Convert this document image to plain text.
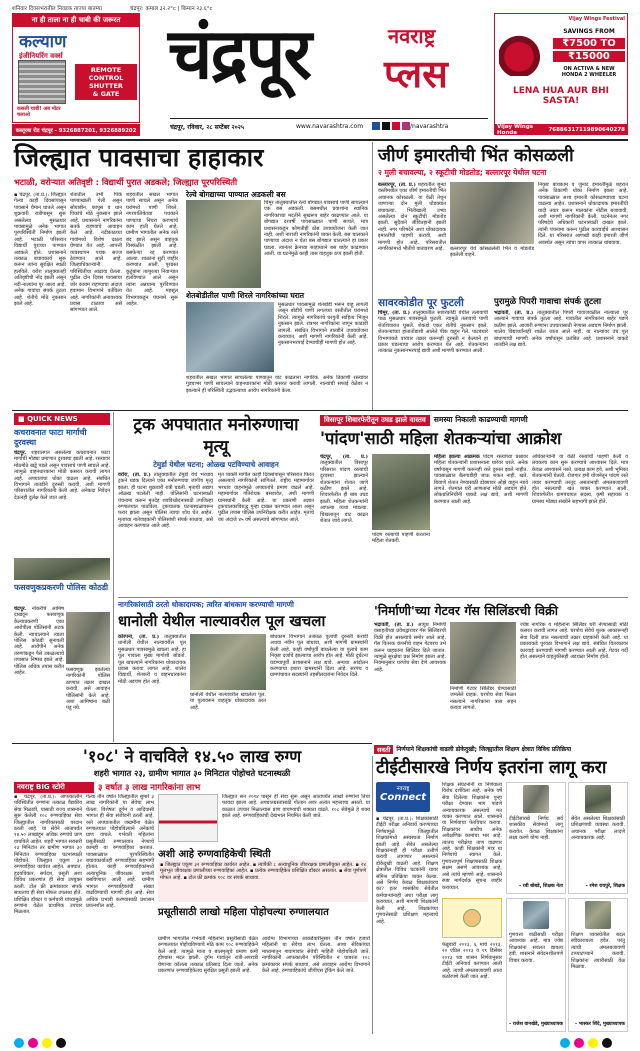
शनिवार दिवसभरातील निवडक ताज्या बातम्या	चंद्रपूर: कमाल ३२.२°c | किमान २३.६°c
ना ही ताला ना ही चाबी की जरूरत
कल्याण
इंजीनियरिंग वर्क्स
कसली चाबी! अब मोटर चलाओ
REMOTE
CONTROL
SHUTTER
& GATE
कस्तूरबा रोड चंद्रपूर - 9326887201, 9326889202
चंद्रपूर	नवराष्ट्र
प्लस
चंद्रपूर, रविवार, २८ सप्टेंबर २०२५	www.navarashtra.com	/navarashtra
SAVINGS FROM
₹7500 TO
₹15000
ON ACTIVA & NEW HONDA 2 WHEELER
LENA HUA AUR BHI SASTA!
Vijay Wings Festival
Vijay Wings Honda	7688631711 9890640278
जिल्ह्यात पावसाचा हाहाकार
भटाळी, वरोऱ्यात अतिवृष्टी : विद्यार्थी पुरात अडकले; जिल्ह्यात पूरपरिस्थिती
▪ चंद्रपूर, (ता.प्र.): जिल्ह्यात गेल्या काही दिवसांपासून पावसाने थैमान घातले असून शुक्रवारी रात्रीपासून सुरू असलेल्या मुसळधार पावसामुळे अनेक भागात पूरपरिस्थिती निर्माण झाली आहे. भटाळी परिसरात विद्यार्थी पुराच्या पाण्यात अडकले होते. प्रशासनाने तत्काळ बचावकार्य सुरू करून त्यांना सुरक्षित स्थळी हलविले. वरोरा तालुक्यातही अतिवृष्टीची नोंद झाली असून नदी-नाल्यांना पूर आला आहे. अनेक गावांचा संपर्क तुटला आहे. शेतीचे मोठे नुकसान झाले आहे.
शेतातील उभी पिके पाण्याखाली गेली असून सोयाबीन, कापूस व धान पिकांचे मोठे नुकसान झाले आहे. प्रशासनाने नागरिकांना सतर्क राहण्याचे आवाहन केले आहे. नदीकाठच्या गावांमध्ये विशेष दक्षता घेण्यात येत आहे. आपत्ती व्यवस्थापन पथक सज्ज ठेवण्यात आले आहे. जिल्हाधिकाऱ्यांनी परिस्थितीचा आढावा घेतला. पुढील दोन दिवस पावसाचा जोर कायम राहण्याचा अंदाज हवामान विभागाने वर्तविला आहे. नागरिकांनी अनावश्यक प्रवास टाळावा असे सांगण्यात आले.
शहरातील सखल भागात पाणी साचले असून अनेक घरांमध्ये पाणी शिरले. नगरपालिकेच्या पथकाने पाण्याचा निचरा करण्याचे काम हाती घेतले आहे. ग्रामीण भागातील अनेक रस्ते बंद झाले असून वाहतूक विस्कळीत झाली आहे. बसफेऱ्या रद्द करण्यात आल्या. शाळांना सुटी जाहीर करण्यात आली. पूरग्रस्त कुटुंबांना तात्पुरत्या निवाऱ्यात हलविण्यात आले असून त्यांना अन्नधान्य पुरविण्यात येत आहे. महसूल विभागाकडून पंचनामे सुरू आहेत.
रेल्वे बोगद्याच्या पाण्यात अडकली बस
चिमूर तालुक्यातील रेल्वे बोगद्यात पावसाचे पाणी साचल्याने एक बस अडकली. बसमधील प्रवाशांना स्थानिक नागरिकांच्या मदतीने सुखरूप बाहेर काढण्यात आले. या बोगद्यात दरवर्षी पावसाळ्यात पाणी साचते, मात्र प्रशासनाकडून कोणतीही ठोस उपाययोजना केली जात नाही, अशी नाराजी नागरिकांनी व्यक्त केली. बस चालकाने पाण्याचा अंदाज न घेता बस बोगद्यात घातल्याने हा प्रकार घडला. त्यानंतर क्रेनच्या साहाय्याने बस बाहेर काढण्यात आली. या घटनेमुळे काही तास वाहतूक ठप्प झाली होती.
शेतबोडीतील पाणी शिरले नागरिकांच्या घरात
मुसळधार पावसामुळे शेतबोडी भरून वाहू लागली असून बोडीचे पाणी लगतच्या वस्तीतील घरांमध्ये शिरले. त्यामुळे नागरिकांचे घरगुती साहित्य भिजून नुकसान झाले. रात्रभर नागरिकांना जागून काढावी लागली. संबंधित विभागाने तातडीने उपाययोजना कराव्यात, अशी मागणी नागरिकांनी केली आहे. नुकसानभरपाई देण्याचीही मागणी होत आहे.
शहरातील सखल भागात साचलेल्या पाण्यातून वाट काढताना नागरिक. अनेक ठिकाणी रस्त्यांवर गुडघाभर पाणी साचल्याने वाहनधारकांना मोठी कसरत करावी लागली. नाल्यांची सफाई वेळेवर न झाल्याने ही परिस्थिती उद्भवल्याचा आरोप नागरिकांनी केला.
जीर्ण इमारतीची भिंत कोसळली
२ मुली बचावल्या, २ स्कूटीची मोडतोड; बल्लारपूर येथील घटना
बल्लारपूर, (ता. प्र.) शहरातील जुन्या वस्तीमधील एका जीर्ण इमारतीची भिंत अचानक कोसळली. या वेळी तेथून जाणाऱ्या दोन मुली थोडक्यात बचावल्या. भिंतीखाली उभ्या असलेल्या दोन स्कूटींची मोडतोड झाली. सुदैवाने जीवितहानी झाली नाही. नगर परिषदेने अशा धोकादायक इमारतींची पाहणी करावी, अशी मागणी होत आहे. परिसरातील नागरिकांमध्ये भीतीचे वातावरण आहे.	बल्लारपूर येथे कोसळलेली भिंत व मोडतोड झालेली वाहने.
निकृष्ट बांधकाम व जुनाट इमारतींमुळे शहरात अनेक ठिकाणी धोका निर्माण झाला आहे. पावसाळ्यात अशा इमारती कोसळण्याच्या घटना वाढल्या आहेत. प्रशासनाने धोकादायक इमारतींची यादी तयार करून मालकांना नोटीस बजावावी, अशी मागणी नागरिकांनी केली. घटनेनंतर नगर परिषदेचे अधिकारी घटनास्थळी दाखल झाले. त्यांनी पंचनामा करून पुढील कारवाईचे आश्वासन दिले. या परिसरात आणखी काही इमारती जीर्ण अवस्थेत असून त्यांचा वापर तात्काळ थांबवावा.
सावरकोडीत पूर फुटली
चिमूर, (ता. प्र.) तालुक्यातील सावरकोडी येथील तलावाची पाळ मुसळधार पावसामुळे फुटली. त्यामुळे तलावाचे पाणी शेतशिवारात घुसले. शेकडो एकर शेतीचे नुकसान झाले. शेतकऱ्यांच्या हातातोंडाशी आलेले पीक वाहून गेले. पाटबंधारे विभागाकडे वारंवार तक्रार करूनही दुरुस्ती न केल्याने हा प्रकार घडल्याचा आरोप करण्यात येत आहे. शेतकऱ्यांना तात्काळ नुकसानभरपाई द्यावी अशी मागणी करण्यात आली.
पुरामुळे पिपरी गावाचा संपर्क तुटला
भद्रावती, (ता. प्र.) तालुक्यातील पिपरी गावाजवळील नाल्याला पूर आल्याने गावाचा संपर्क तुटला आहे. गावातील नागरिकांना बाहेर पडणे कठीण झाले. आजारी रुग्णांना उपचारासाठी नेण्यास अडचण निर्माण झाली. शालेय विद्यार्थ्यांनाही शाळेत जाता आले नाही. या नाल्यावर उंच पूल बांधण्याची मागणी अनेक वर्षांपासून प्रलंबित आहे. प्रशासनाने याकडे तातडीने लक्ष द्यावे.
■ QUICK NEWS
कचरावनात फाटा मार्गाची दुरवस्था
चंद्रपूर. शहरालगत असलेल्या कचरावनात फाटा मार्गाची मोठ्या प्रमाणात दुरवस्था झाली आहे. रस्त्यावर मोठमोठे खड्डे पडले असून पावसाचे पाणी साचले आहे. त्यामुळे वाहनधारकांना मोठी कसरत करावी लागत आहे. अपघाताचा धोका वाढला आहे. संबंधित विभागाने तातडीने दुरुस्ती करावी, अशी मागणी परिसरातील नागरिकांनी केली आहे. अनेकदा निवेदन देऊनही दुर्लक्ष केले जात आहे.
फसवणुकप्रकरणी पोलिस कोठडी
चंद्रपूर. नोकरीचे आमिष दाखवून फसवणूक केल्याप्रकरणी एका आरोपीला पोलिसांनी अटक केली. न्यायालयाने त्याला पोलिस कोठडी सुनावली आहे. आरोपीने अनेक तरुणांकडून पैसे उकळल्याचे तपासात निष्पन्न झाले आहे. पोलिस अधिक तपास करीत आहेत.
फसवणूक झालेल्या नागरिकांनी पोलिस ठाण्यात तक्रार दाखल करावी, असे आवाहन पोलिसांनी केले आहे. अशा आमिषांना बळी पडू नये.
ट्रक अपघातात मनोरुग्णाचा मृत्यू
टेमुर्डा येथील घटना; ओळख पटविण्याचे आवाहन
वरोरा, (ता. प्र.) तालुक्यातील टेमुर्डा येथे भरधाव ट्रकने धडक दिल्याने एका मनोरुग्णाचा जागीच मृत्यू झाला. ही घटना शुक्रवारी रात्री घडली. मृताची अद्याप ओळख पटलेली नाही. पोलिसांनी घटनास्थळी पंचनामा करून मृतदेह शवविच्छेदनासाठी उपजिल्हा रुग्णालयात पाठविला. ट्रकचालक घटनास्थळावरून फरार झाला असून पोलिस त्याचा शोध घेत आहेत. मृताच्या नातेवाइकांनी पोलिसांशी संपर्क साधावा, असे आवाहन करण्यात आले आहे.
मृत व्यक्ती मागील काही दिवसांपासून परिसरात फिरत असल्याचे नागरिकांनी सांगितले. राष्ट्रीय महामार्गावर भरधाव वाहनांमुळे अपघातांचे प्रमाण वाढले आहे. महामार्गावर गतिरोधक बसवावेत, अशी मागणी ग्रामस्थांनी केली आहे. या प्रकरणी अज्ञात ट्रकचालकाविरुद्ध गुन्हा दाखल करण्यात आला असून पुढील तपास पोलिस उपनिरीक्षक करीत आहेत. मृताचे वय अंदाजे ४५ वर्षे असल्याचे सांगण्यात आले.
विसापूर शिवारफेरीतून उघड झाले वास्तव	समस्या निकाली काढण्याची मागणी
'पांदण'साठी महिला शेतकऱ्यांचा आक्रोश
चंद्रपूर, (ता. प्र.) तालुक्यातील विसापूर परिसरात पांदण रस्त्यांची दुरवस्था झाल्याने शेतकऱ्यांना शेतात जाणे कठीण झाले आहे. शिवारफेरीत ही बाब उघड झाली. महिला शेतकऱ्यांनी आपल्या व्यथा मांडल्या. चिखलातून वाट काढत शेतात जावे लागते.
पांदण रस्त्याची पाहणी करताना महिला शेतकरी.
महिला झाल्या आक्रमक पांदण रस्त्यांच्या प्रश्नावर महिला शेतकऱ्यांनी प्रशासनाला धारेवर धरले. अनेक वर्षांपासून मागणी करूनही रस्ते दुरुस्त झाले नाहीत. पावसाळ्यात बैलगाडीही जाऊ शकत नाही. खते, बियाणे शेतात नेण्यासाठी डोक्यावर ओझे वाहून न्यावे लागते. शेतमाल घरी आणताना मोठी अडचण होते. लोकप्रतिनिधींनी याकडे लक्ष द्यावे, अशी मागणी करण्यात आली आहे.
अधिकाऱ्यांनी या वेळी रस्त्यांची पाहणी केली व लवकरच काम सुरू करण्याचे आश्वासन दिले. मात्र केवळ आश्वासने नको, प्रत्यक्ष काम हवे, अशी भूमिका शेतकऱ्यांनी घेतली. रोजगार हमी योजनेतून पांदण रस्ते तयार करण्याची तरतूद असतानाही अंमलबजावणी होत नसल्याची खंत व्यक्त करण्यात आली. शिवारफेरीत ग्रामपंचायत सदस्य, कृषी सहायक व ग्रामस्थ मोठ्या संख्येने सहभागी झाले होते.
नागरिकांसाठी ठरतो धोकादायक; त्वरित बांधकाम करण्याची मागणी
धानोली येथील नाल्यावरील पूल खचला
कोरपना, (ता. प्र.) तालुक्यातील धानोली येथील नाल्यावरील पूल मुसळधार पावसामुळे खचला आहे. हा पूल गावाला मुख्य मार्गाशी जोडतो. पूल खचल्याने नागरिकांना धोकादायक प्रवास करावा लागत आहे. शालेय विद्यार्थी, शेतकरी व वाहनधारकांना मोठी अडचण होत आहे.
धानोली येथील नाल्यावरील खचलेला पूल. या पुलावरून वाहतूक धोकादायक ठरत आहे.
बांधकाम विभागाने तत्काळ पुलाची दुरुस्ती करावी अथवा नवीन पूल बांधावा, अशी मागणी ग्रामस्थांनी केली आहे. काही वर्षांपूर्वी बांधलेल्या या पुलाचे काम निकृष्ट दर्जाचे झाल्याचा आरोप होत आहे. मोठी दुर्घटना घडण्यापूर्वी प्रशासनाने लक्ष द्यावे. अन्यथा आंदोलन करण्याचा इशारा ग्रामस्थांनी दिला आहे. सरपंच व ग्रामपंचायत सदस्यांनी तहसीलदारांना निवेदन दिले.
'निर्माणी'च्या गेटवर गॅस सिलिंडरची विक्री
भद्रावती, (ता. प्र.) आयुध निर्माणी वसाहतीच्या प्रवेशद्वारावर गॅस सिलिंडरची विक्री होत असल्याचे समोर आले आहे. गॅस वितरक कंपनीचे वाहन गेटवरच उभे करून ग्राहकांना सिलिंडर दिले जातात. त्यामुळे सुरक्षेचा प्रश्न निर्माण झाला आहे. नियमानुसार घरपोच सेवा देणे आवश्यक आहे.
निर्माणी गेटवर सिलिंडर घेण्यासाठी जमलेले ग्राहक. घरपोच सेवा मिळत नसल्याने नागरिकांना त्रास सहन करावा लागतो.
ज्येष्ठ नागरिक व महिलांना सिलिंडर घरी नेण्यासाठी मोठी कसरत करावी लागत आहे. घरपोच सेवेचे शुल्क आकारूनही सेवा दिली जात नसल्याची तक्रार ग्राहकांनी केली आहे. या प्रकाराकडे पुरवठा विभागाने लक्ष द्यावे. संबंधित वितरकावर कारवाई करण्याची मागणी करण्यात आली आहे. गेटवर गर्दी होत असल्याने वाहतुकीसही अडथळा निर्माण होतो.
सवती	निर्णयाने शिक्षकांची वाढली डोकेदुखी; जिल्ह्यातील शिक्षण क्षेत्रात विविध प्रतिक्रिया
'१०८' ने वाचविले १४.५० लाख रुग्ण
शहरी भागात २३, ग्रामीण भागात ३० मिनिटात पोहोचते घटनास्थळी
नवराष्ट्र BIG स्टोरी	३ वर्षात ३ लाख नागरिकांना लाभ
▪ चंद्रपूर, (ता.प्र.): आपत्कालीन परिस्थितीत रुग्णांना तत्काळ वैद्यकीय सेवा मिळावी, यासाठी राज्य शासनाने सुरू केलेली १०८ रुग्णवाहिका सेवा जिल्ह्यातील नागरिकांसाठी वरदान ठरली आहे. या सेवेने आतापर्यंत १४.५० लाखांहून अधिक रुग्णांचे प्राण वाचविले आहेत. शहरी भागात सरासरी २३ मिनिटांत तर ग्रामीण भागात ३० मिनिटांत रुग्णवाहिका घटनास्थळी पोहोचते. जिल्ह्यात एकूण ३२ रुग्णवाहिका कार्यरत आहेत. अपघात, हृदयविकार, सर्पदंश, प्रसूती अशा विविध प्रकरणांत ही सेवा उपयुक्त ठरली. टोल फ्री क्रमांकावर संपर्क साधताच ही सेवा मोफत उपलब्ध होते. प्रशिक्षित डॉक्टर व कर्मचारी यांच्यामुळे रुग्णांना वेळेत प्राथमिक उपचार मिळतात.
गेल्या तीन वर्षात जिल्ह्यातील सुमारे ३ लाख नागरिकांनी या सेवेचा लाभ घेतला. विशेषतः दुर्गम व आदिवासी भागात ही सेवा संजीवनी ठरली आहे. रस्ते अपघातातील जखमींना वेळेत रुग्णालयात पोहोचविल्याने अनेकांचे प्राण वाचले. गर्भवती महिलांना प्रसूतीसाठी रुग्णालयात नेण्याचे कामही या रुग्णवाहिका करतात. पावसाळ्यात पूरपरिस्थितीत बचावकार्यातही रुग्णवाहिका सहभागी होतात. काही रुग्णवाहिकांमध्ये अत्याधुनिक जीवरक्षक प्रणाली बसविण्यात आली आहे. ग्रामीण भागात रुग्णवाहिकांची संख्या वाढविण्याची मागणी होत आहे. सेवा अधिक प्रभावी करण्यासाठी प्रशासन प्रयत्नशील आहे.
जिल्ह्यात सन २०१४ पासून ही सेवा सुरू असून आतापर्यंत लाखो रुग्णांना तिचा फायदा झाला आहे. अपघातग्रस्तांसाठी गोल्डन अवर अत्यंत महत्त्वाचा असतो. या काळात उपचार मिळाल्यास प्राण वाचण्याची शक्यता वाढते. १०८ सेवेमुळे हे शक्य झाले आहे. रुग्णवाहिकांची देखभाल नियमित केली जाते.
अशी आहे रुग्णवाहिकेची स्थिती
▪ जिल्ह्यात एकूण ३२ रुग्णवाहिका कार्यरत आहेत. ▪ त्यापैकी ८ अत्याधुनिक जीवरक्षक प्रणालीयुक्त आहेत. ▪ २४ मूलभूत जीवरक्षक प्रणालीच्या रुग्णवाहिका आहेत. ▪ प्रत्येक रुग्णवाहिकेत प्रशिक्षित डॉक्टर असतात. ▪ सेवा पूर्णपणे मोफत आहे. ▪ टोल फ्री क्रमांक १०८ वर संपर्क साधावा.
प्रसूतीसाठी लाखो महिला पोहोचल्या रुग्णालयात
ग्रामीण भागातील गर्भवती महिलांना प्रसूतीसाठी वेळेत रुग्णालयात पोहोचविण्याचे मोठे काम १०८ रुग्णवाहिकेने केले आहे. त्यामुळे माता व बालमृत्यूचे प्रमाण कमी होण्यास मदत झाली. दुर्गम गावांतून रात्री-अपरात्री येणाऱ्या कॉलला तत्काळ प्रतिसाद दिला जातो. अनेक प्रकरणांत रुग्णवाहिकेतच सुरक्षित प्रसूती झाली आहे.
आरोग्य विभागाच्या आकडेवारीनुसार तीन वर्षात हजारो महिलांनी या सेवेचा लाभ घेतला. आशा सेविकांच्या माध्यमातून गावागावांत सेवेची माहिती पोहोचविली जाते. नागरिकांनी आपत्कालीन परिस्थितीत न घाबरता १०८ क्रमांकावर संपर्क साधावा, असे आवाहन आरोग्य विभागाने केले आहे. रुग्णवाहिकांचे जीपीएस ट्रॅकिंग केले जाते.
टीईटीसारखे निर्णय इतरांना लागू करा
नवराष्ट्र
Connect
▪ चंद्रपूर, (ता.प्र.): शिक्षकांसाठी टीईटी परीक्षा अनिवार्य करण्याच्या निर्णयामुळे जिल्ह्यातील शिक्षकांमध्ये अस्वस्थता निर्माण झाली आहे. सेवेत असलेल्या शिक्षकांनाही ही परीक्षा उत्तीर्ण करावी लागणार असल्याने डोकेदुखी वाढली आहे. शिक्षण क्षेत्रातील विविध घटकांनी यावर संमिश्र प्रतिक्रिया व्यक्त केल्या. असे निर्णय केवळ शिक्षकांवरच का? इतर शासकीय सेवेतील कर्मचाऱ्यांनाही अशा परीक्षा लागू कराव्यात, अशी मागणी शिक्षकांनी केली आहे. शिक्षकांच्या गुणवत्तेसाठी प्रशिक्षण महत्त्वाचे आहे.
शिक्षक संघटनांनी या निर्णयाला विरोध दर्शविला आहे. अनेक वर्षे सेवा दिलेल्या शिक्षकांना पुन्हा परीक्षा देण्यास भाग पाडणे अन्यायकारक असल्याचे मत व्यक्त करण्यात आले. शासनाने या निर्णयाचा फेरविचार करावा. शिक्षकांवर आधीच अनेक अशैक्षणिक कामांचा भार आहे. त्यातच परीक्षेचा ताण वाढणार आहे. काही शिक्षकांनी मात्र या निर्णयाचे स्वागत केले. गुणवत्तापूर्ण शिक्षणासाठी शिक्षक सक्षम असणे आवश्यक आहे, असे त्यांचे म्हणणे आहे. शासनाने स्पष्ट मार्गदर्शक सूचना जाहीर कराव्यात.
टीईटीसारखे निर्णय सर्व शासकीय सेवांमध्ये लागू करावेत. केवळ शिक्षकांना लक्ष्य करणे योग्य नाही.
- रवी बोबडे, शिक्षक नेता
सेवेत असलेल्या शिक्षकांसाठी प्रशिक्षणाची व्यवस्था करावी. अचानक परीक्षा लादणे अन्यायकारक आहे.
- रमेश रायपुरे, शिक्षक
गुणवत्ता वाढीसाठी परीक्षा आवश्यक आहे. मात्र ज्येष्ठ शिक्षकांना सवलत द्यायला हवी. शासनाने संवेदनशीलपणे विचार करावा.
- राजेश वानखेडे, मुख्याध्यापक
शिक्षण व्यवस्थेतील बदल स्वीकारायला हवेत. परंतु त्याची अंमलबजावणी टप्प्याटप्प्याने करावी. शिक्षकांना तयारीसाठी वेळ मिळावा.
- भास्कर शिंदे, मुख्याध्यापक
फेब्रुवारी २०१३, ६ मार्च २०१३, २० एप्रिल २०१३ व १९ डिसेंबर २०१३ च्या शासन निर्णयानुसार टीईटी अनिवार्य करण्यात आली आहे. त्याची अंमलबजावणी आता कठोरपणे केली जात आहे.
